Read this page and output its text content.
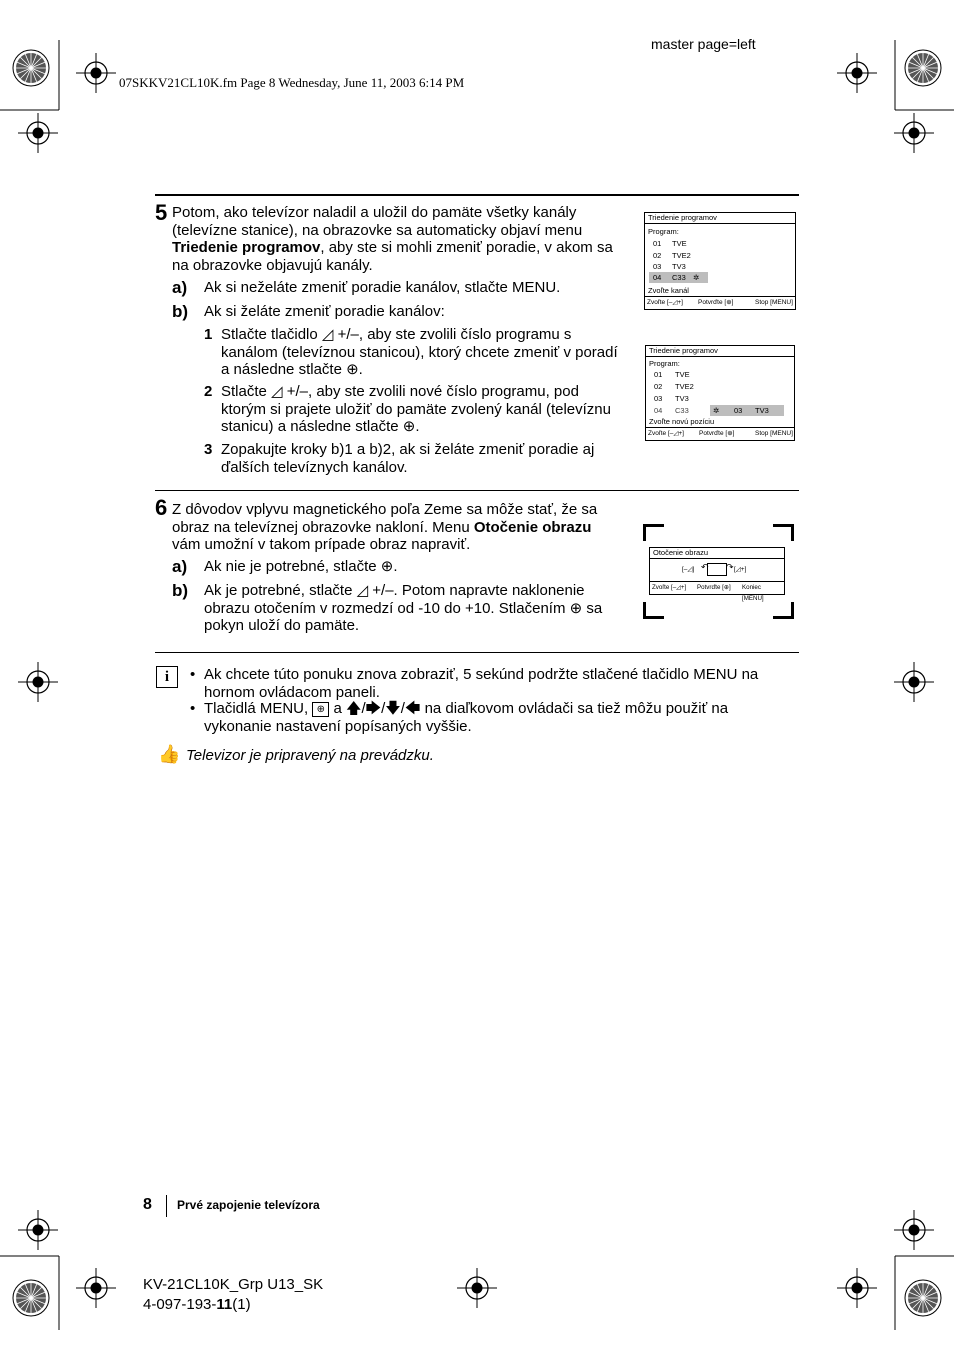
master page=left
07SKKV21CL10K.fm Page 8 Wednesday, June 11, 2003 6:14 PM
5 Potom, ako televízor naladil a uložil do pamäte všetky kanály
(televízne stanice), na obrazovke sa automaticky objaví menu
Triedenie programov, aby ste si mohli zmeniť poradie, v akom sa
na obrazovke objavujú kanály.
a) Ak si neželáte zmeniť poradie kanálov, stlačte MENU.
b) Ak si želáte zmeniť poradie kanálov:
1 Stlačte tlačidlo ◿ +/–, aby ste zvolili číslo programu s
kanálom (televíznou stanicou), ktorý chcete zmeniť v poradí
a následne stlačte ⊕.
2 Stlačte ◿ +/–, aby ste zvolili nové číslo programu, pod
ktorým si prajete uložiť do pamäte zvolený kanál (televíznu
stanicu) a následne stlačte ⊕.
3 Zopakujte kroky b)1 a b)2, ak si želáte zmeniť poradie aj
ďalších televíznych kanálov.
Triedenie programov
Program:
01 TVE
02 TVE2
03 TV3
04 C33 ✲
Zvoľte kanál
Zvoľte [–◿+] Potvrďte [⊕]	Stop [MENU]
Triedenie programov
Program:
01 TVE
02 TVE2
03 TV3
04 C33	✲ 03 TV3
Zvoľte novú pozíciu
Zvoľte [–◿+] Potvrďte [⊕]	Stop [MENU]
6 Z dôvodov vplyvu magnetického poľa Zeme sa môže stať, že sa
obraz na televíznej obrazovke nakloní. Menu Otočenie obrazu
vám umožní v takom prípade obraz napraviť.
a) Ak nie je potrebné, stlačte ⊕.
b) Ak je potrebné, stlačte ◿ +/–. Potom napravte naklonenie
obrazu otočením v rozmedzí od -10 do +10. Stlačením ⊕ sa
pokyn uloží do pamäte.
Otočenie obrazu
[–◿] ↶ ↷ [◿+]
Zvoľte [–◿+] Potvrďte [⊕] Koniec [MENU]
i	• Ak chcete túto ponuku znova zobraziť, 5 sekúnd podržte stlačené tlačidlo MENU na
hornom ovládacom paneli.
• Tlačidlá MENU, ⊕ a 🡅/🡆/🡇/🡄 na diaľkovom ovládači sa tiež môžu použiť na
vykonanie nastavení popísaných vyššie.
👍 Televizor je pripravený na prevádzku.
8 Prvé zapojenie televízora
KV-21CL10K_Grp U13_SK
4-097-193-11(1)
